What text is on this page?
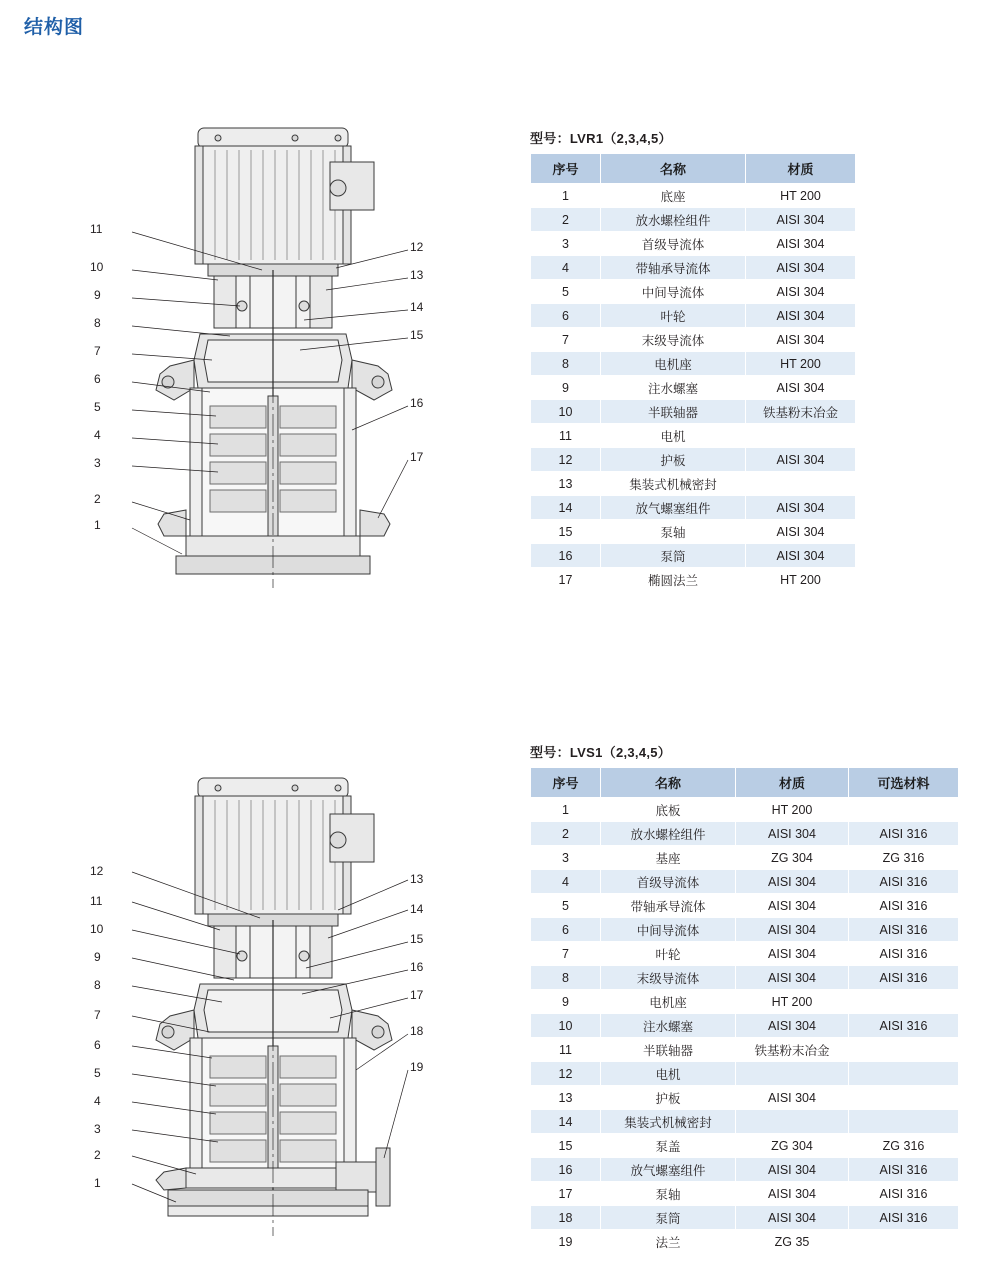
结构图
11
10
9
8
7
6
5
4
3
2
1
12
13
14
15
16
17
型号：LVR1（2,3,4,5）
序号	名称	材质
1	底座	HT 200
2	放水螺栓组件	AISI 304
3	首级导流体	AISI 304
4	带轴承导流体	AISI 304
5	中间导流体	AISI 304
6	叶轮	AISI 304
7	末级导流体	AISI 304
8	电机座	HT 200
9	注水螺塞	AISI 304
10	半联轴器	铁基粉末冶金
11	电机	
12	护板	AISI 304
13	集装式机械密封	
14	放气螺塞组件	AISI 304
15	泵轴	AISI 304
16	泵筒	AISI 304
17	椭圆法兰	HT 200
12
11
10
9
8
7
6
5
4
3
2
1
13
14
15
16
17
18
19
型号：LVS1（2,3,4,5）
序号	名称	材质	可选材料
1	底板	HT 200	
2	放水螺栓组件	AISI 304	AISI 316
3	基座	ZG 304	ZG 316
4	首级导流体	AISI 304	AISI 316
5	带轴承导流体	AISI 304	AISI 316
6	中间导流体	AISI 304	AISI 316
7	叶轮	AISI 304	AISI 316
8	末级导流体	AISI 304	AISI 316
9	电机座	HT 200	
10	注水螺塞	AISI 304	AISI 316
11	半联轴器	铁基粉末冶金	
12	电机		
13	护板	AISI 304	
14	集装式机械密封		
15	泵盖	ZG 304	ZG 316
16	放气螺塞组件	AISI 304	AISI 316
17	泵轴	AISI 304	AISI 316
18	泵筒	AISI 304	AISI 316
19	法兰	ZG 35	
